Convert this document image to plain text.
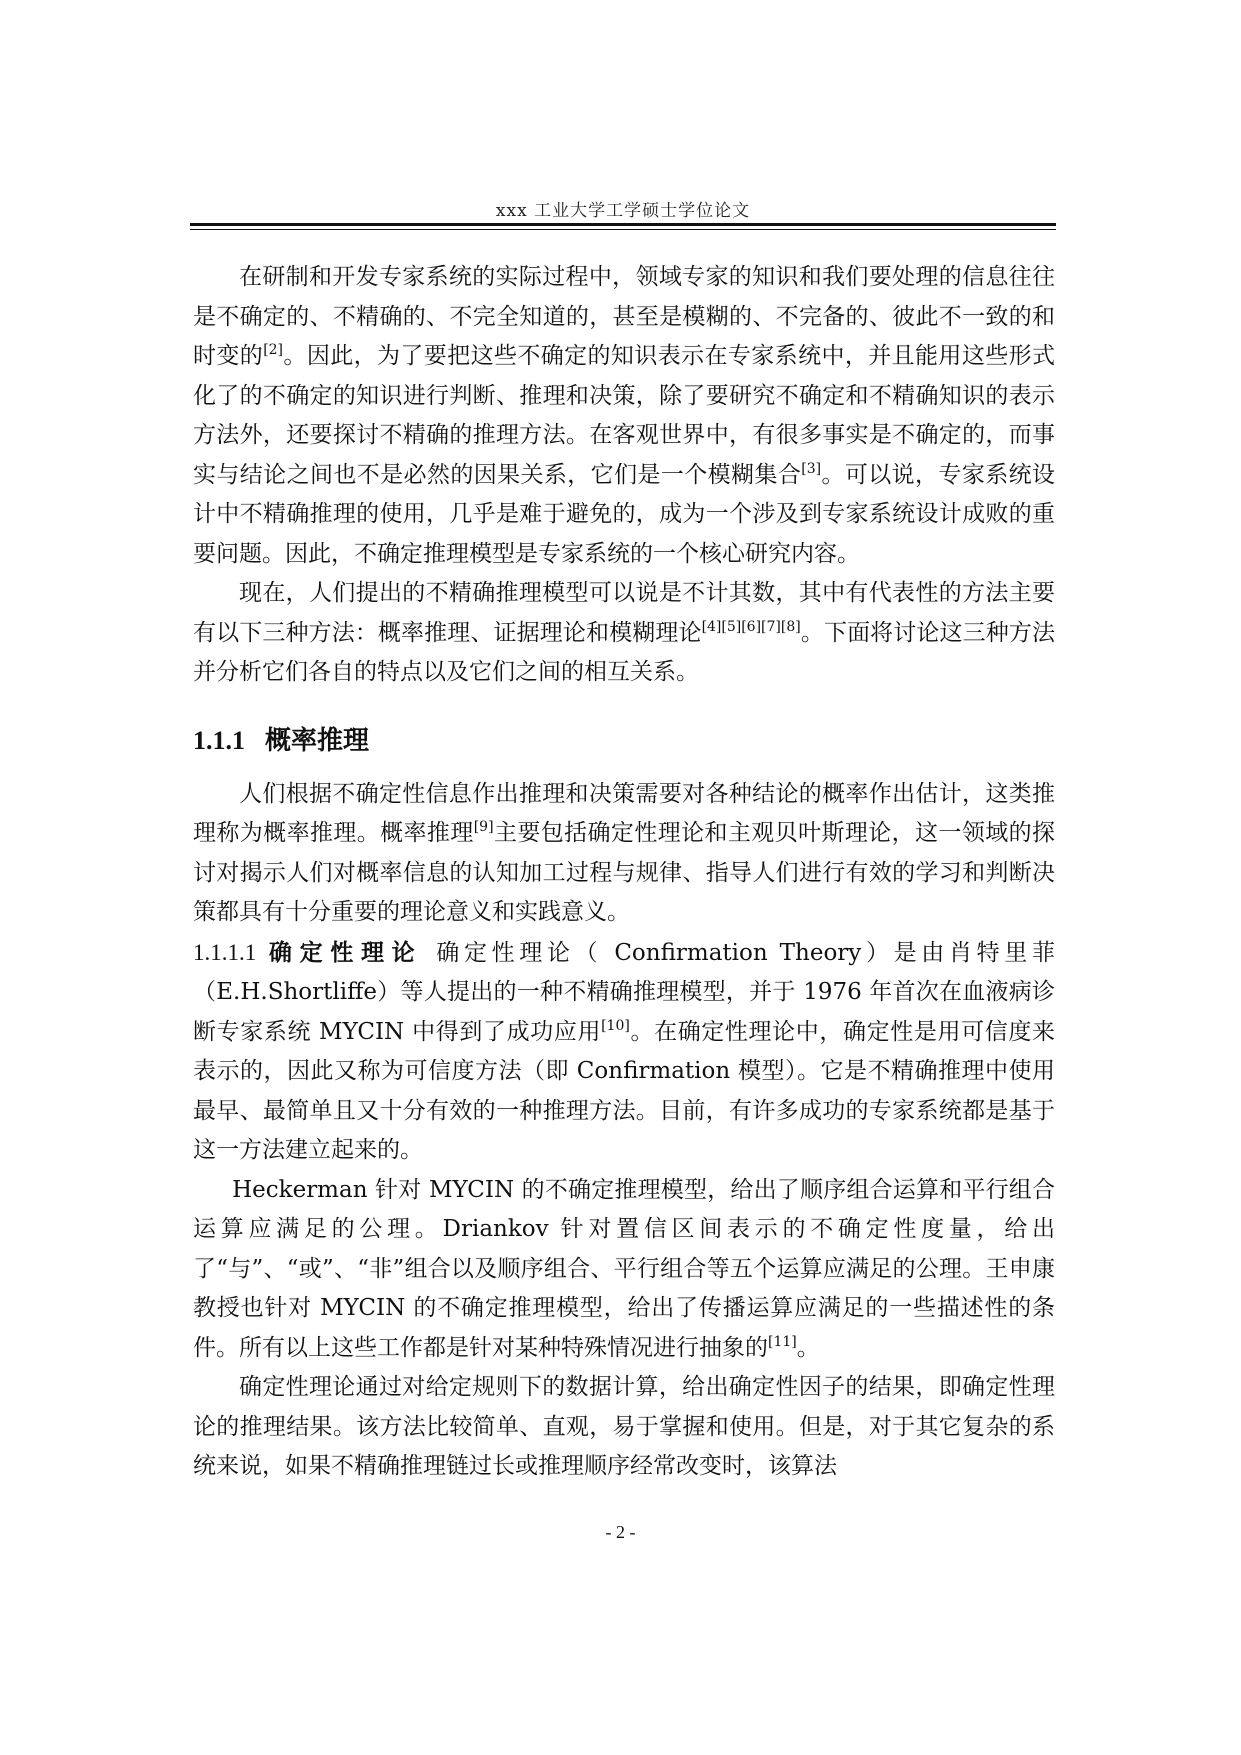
xxx 工业大学工学硕士学位论文

在研制和开发专家系统的实际过程中，领域专家的知识和我们要处理的信息往往是不确定的、不精确的、不完全知道的，甚至是模糊的、不完备的、彼此不一致的和时变的[2]。因此，为了要把这些不确定的知识表示在专家系统中，并且能用这些形式化了的不确定的知识进行判断、推理和决策，除了要研究不确定和不精确知识的表示方法外，还要探讨不精确的推理方法。在客观世界中，有很多事实是不确定的，而事实与结论之间也不是必然的因果关系，它们是一个模糊集合[3]。可以说，专家系统设计中不精确推理的使用，几乎是难于避免的，成为一个涉及到专家系统设计成败的重要问题。因此，不确定推理模型是专家系统的一个核心研究内容。

现在，人们提出的不精确推理模型可以说是不计其数，其中有代表性的方法主要有以下三种方法：概率推理、证据理论和模糊理论[4][5][6][7][8]。下面将讨论这三种方法并分析它们各自的特点以及它们之间的相互关系。

1.1.1 概率推理

人们根据不确定性信息作出推理和决策需要对各种结论的概率作出估计，这类推理称为概率推理。概率推理[9]主要包括确定性理论和主观贝叶斯理论，这一领域的探讨对揭示人们对概率信息的认知加工过程与规律、指导人们进行有效的学习和判断决策都具有十分重要的理论意义和实践意义。

1.1.1.1 确定性理论 确定性理论（ Confirmation Theory）是由肖特里菲（E.H.Shortliffe）等人提出的一种不精确推理模型，并于 1976 年首次在血液病诊断专家系统 MYCIN 中得到了成功应用[10]。在确定性理论中，确定性是用可信度来表示的，因此又称为可信度方法（即 Confirmation 模型）。它是不精确推理中使用最早、最简单且又十分有效的一种推理方法。目前，有许多成功的专家系统都是基于这一方法建立起来的。

Heckerman 针对 MYCIN 的不确定推理模型，给出了顺序组合运算和平行组合运算应满足的公理。Driankov 针对置信区间表示的不确定性度量，给出了“与”、“或”、“非”组合以及顺序组合、平行组合等五个运算应满足的公理。王申康教授也针对 MYCIN 的不确定推理模型，给出了传播运算应满足的一些描述性的条件。所有以上这些工作都是针对某种特殊情况进行抽象的[11]。

确定性理论通过对给定规则下的数据计算，给出确定性因子的结果，即确定性理论的推理结果。该方法比较简单、直观，易于掌握和使用。但是，对于其它复杂的系统来说，如果不精确推理链过长或推理顺序经常改变时，该算法

- 2 -
